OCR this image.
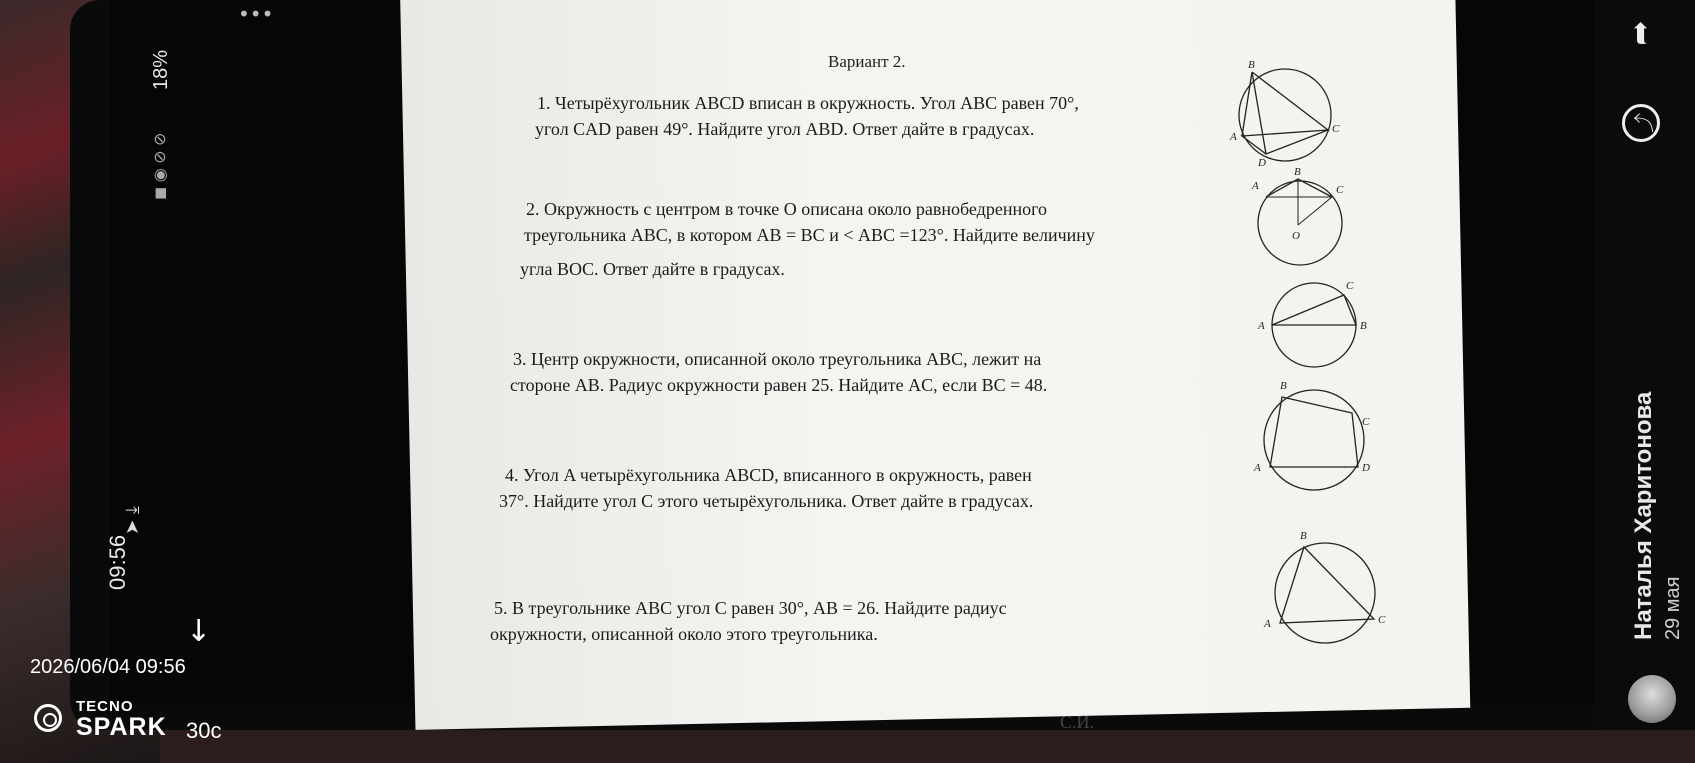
09:56
18%
◼ ◉ ⊘ ⊘
•••
➤ ⤓
Вариант 2.
1. Четырёхугольник ABCD вписан в окружность. Угол ABC равен 70°,
угол CAD равен 49°. Найдите угол ABD. Ответ дайте в градусах.
2. Окружность с центром в точке О описана около равнобедренного
треугольника ABC, в котором AB = BC и < ABC =123°. Найдите величину
угла BOC. Ответ дайте в градусах.
3. Центр окружности, описанной около треугольника ABC, лежит на
стороне AB. Радиус окружности равен 25. Найдите AC, если BC = 48.
4. Угол A четырёхугольника ABCD, вписанного в окружность, равен
37°. Найдите угол C этого четырёхугольника. Ответ дайте в градусах.
5. В треугольнике ABC угол C равен 30°, AB = 26. Найдите радиус
окружности, описанной около этого треугольника.
С.И.
B
A
C
D
B
A	C
O
C
A	B
B
C
A	D
B
A	C
➦
⤴
Наталья Харитонова 29 мая
↓
2026/06/04 09:56
TECNO
SPARK 30c
